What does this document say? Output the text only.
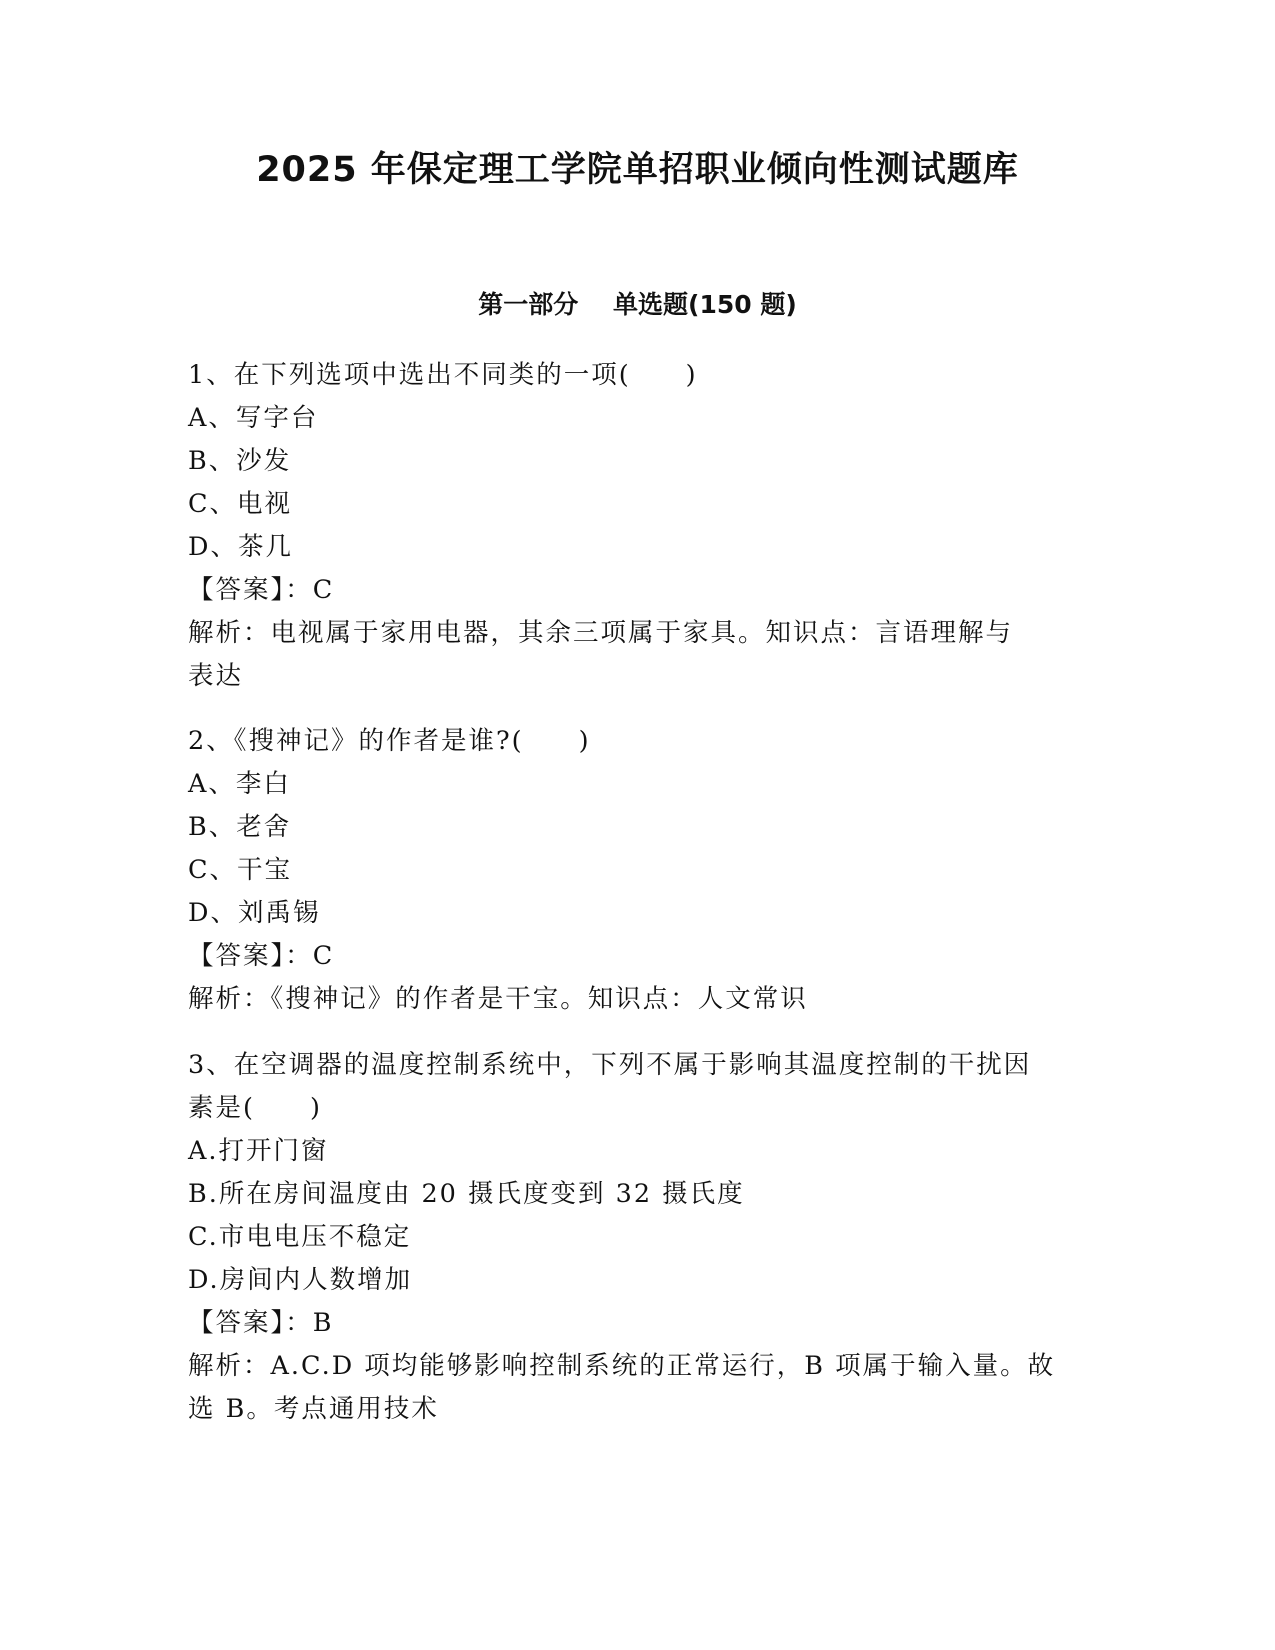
2025 年保定理工学院单招职业倾向性测试题库
第一部分    单选题(150 题)

1、在下列选项中选出不同类的一项(　　)

A、写字台

B、沙发

C、电视

D、茶几

【答案】：C

解析：电视属于家用电器，其余三项属于家具。知识点：言语理解与

表达

2、《搜神记》的作者是谁?(　　)

A、李白

B、老舍

C、干宝

D、刘禹锡

【答案】：C

解析：《搜神记》的作者是干宝。知识点：人文常识

3、在空调器的温度控制系统中，下列不属于影响其温度控制的干扰因

素是(　　)

A.打开门窗

B.所在房间温度由 20 摄氏度变到 32 摄氏度

C.市电电压不稳定

D.房间内人数增加

【答案】：B

解析：A.C.D 项均能够影响控制系统的正常运行，B 项属于输入量。故

选 B。考点通用技术
